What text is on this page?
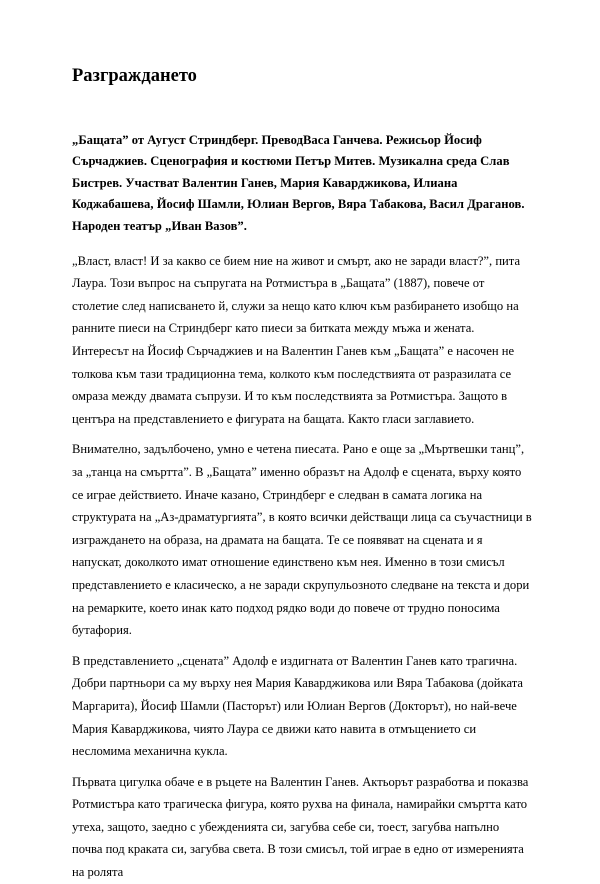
Разграждането

„Бащата” от Аугуст Стриндберг. ПреводВаса Ганчева. Режисьор Йосиф Сърчаджиев. Сценография и костюми Петър Митев. Музикална среда Слав Бистрев. Участват Валентин Ганев, Мария Каварджикова, Илиана Коджабашева, Йосиф Шамли, Юлиан Вергов, Вяра Табакова, Васил Драганов. Народен театър „Иван Вазов”.

„Власт, власт! И за какво се бием ние на живот и смърт, ако не заради власт?”, пита Лаура. Този въпрос на съпругата на Ротмистъра в „Бащата” (1887), повече от столетие след написването й, служи за нещо като ключ към разбирането изобщо на ранните пиеси на Стриндберг като пиеси за битката между мъжа и жената. Интересът на Йосиф Сърчаджиев и на Валентин Ганев към „Бащата” е насочен не толкова към тази традиционна тема, колкото към последствията от разразилата се омраза между двамата съпрузи. И то към последствията за Ротмистъра. Защото в центъра на представлението е фигурата на бащата. Както гласи заглавието.

Внимателно, задълбочено, умно е четена пиесата. Рано е още за „Мъртвешки танц”, за „танца на смъртта”. В „Бащата” именно образът на Адолф е сцената, върху която се играе действието. Иначе казано, Стриндберг е следван в самата логика на структурата на „Аз-драматургията”, в която всички действащи лица са съучастници в изграждането на образа, на драмата на бащата. Те се появяват на сцената и я напускат, доколкото имат отношение единствено към нея. Именно в този смисъл представлението е класическо, а не заради скрупульозното следване на текста и дори на ремарките, което инак като подход рядко води до повече от трудно поносима бутафория.

В представлението „сцената” Адолф е издигната от Валентин Ганев като трагична. Добри партньори са му върху нея Мария Каварджикова или Вяра Табакова (дойката Маргарита), Йосиф Шамли (Пасторът) или Юлиан Вергов (Докторът), но най-вече Мария Каварджикова, чиято Лаура се движи като навита в отмъщението си несломима механична кукла.

Първата цигулка обаче е в ръцете на Валентин Ганев. Актьорът разработва и показва Ротмистъра като трагическа фигура, която рухва на финала, намирайки смъртта като утеха, защото, заедно с убежденията си, загубва себе си, тоест, загубва напълно почва под краката си, загубва света. В този смисъл, той играе в едно от измеренията на ролята
